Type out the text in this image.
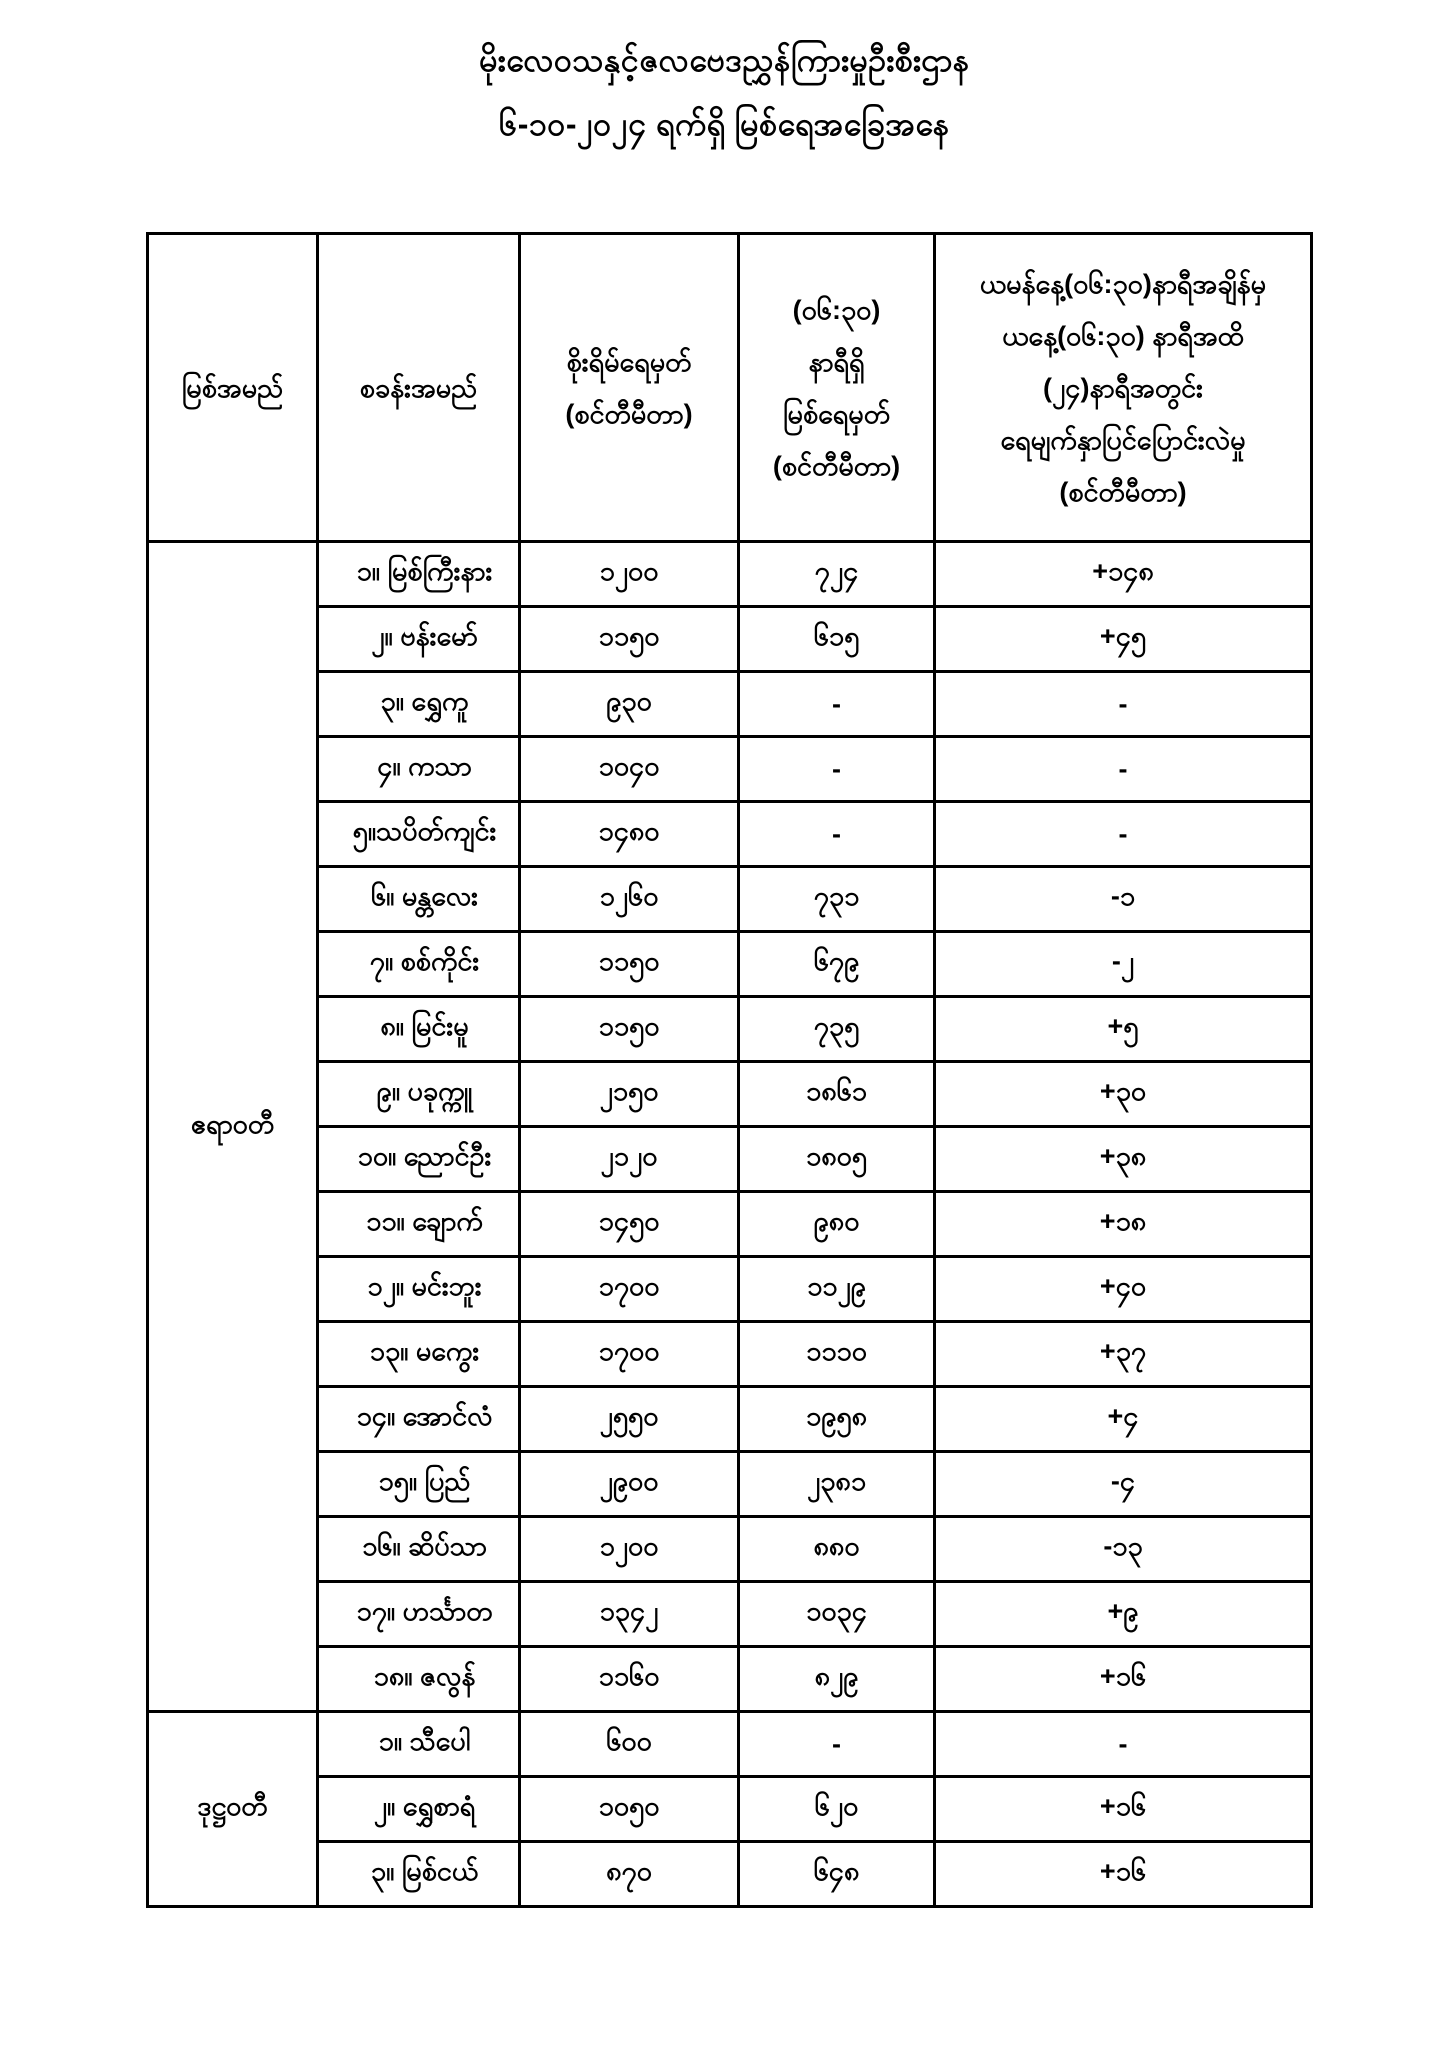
မိုးလေဝသနှင့်ဇလဗေဒညွှန်ကြားမှုဦးစီးဌာန
၆-၁၀-၂၀၂၄ ရက်ရှိ မြစ်ရေအခြေအနေ
မြစ်အမည်	စခန်းအမည်	စိုးရိမ်ရေမှတ်
(စင်တီမီတာ)	(၀၆:၃၀)
နာရီရှိ
မြစ်ရေမှတ်
(စင်တီမီတာ)	ယမန်နေ့(၀၆:၃၀)နာရီအချိန်မှ
ယနေ့(၀၆:၃၀) နာရီအထိ
(၂၄)နာရီအတွင်း
ရေမျက်နှာပြင်ပြောင်းလဲမှု
(စင်တီမီတာ)

ဧရာဝတီ	၁။ မြစ်ကြီးနား	၁၂၀၀	၇၂၄	+၁၄၈
	၂။ ဗန်းမော်	၁၁၅၀	၆၁၅	+၄၅
	၃။ ရွှေကူ	၉၃၀	-	-
	၄။ ကသာ	၁၀၄၀	-	-
	၅။သပိတ်ကျင်း	၁၄၈၀	-	-
	၆။ မန္တလေး	၁၂၆၀	၇၃၁	-၁
	၇။ စစ်ကိုင်း	၁၁၅၀	၆၇၉	-၂
	၈။ မြင်းမူ	၁၁၅၀	၇၃၅	+၅
	၉။ ပခုက္ကူ	၂၁၅၀	၁၈၆၁	+၃၀
	၁၀။ ညောင်ဦး	၂၁၂၀	၁၈၀၅	+၃၈
	၁၁။ ချောက်	၁၄၅၀	၉၈၀	+၁၈
	၁၂။ မင်းဘူး	၁၇၀၀	၁၁၂၉	+၄၀
	၁၃။ မကွေး	၁၇၀၀	၁၁၁၀	+၃၇
	၁၄။ အောင်လံ	၂၅၅၀	၁၉၅၈	+၄
	၁၅။ ပြည်	၂၉၀၀	၂၃၈၁	-၄
	၁၆။ ဆိပ်သာ	၁၂၀၀	၈၈၀	-၁၃
	၁၇။ ဟင်္သာတ	၁၃၄၂	၁၀၃၄	+၉
	၁၈။ ဇလွန်	၁၁၆၀	၈၂၉	+၁၆
ဒုဋ္ဌဝတီ	၁။ သီပေါ	၆၀၀	-	-
	၂။ ရွှေစာရံ	၁၀၅၀	၆၂၀	+၁၆
	၃။ မြစ်ငယ်	၈၇၀	၆၄၈	+၁၆
